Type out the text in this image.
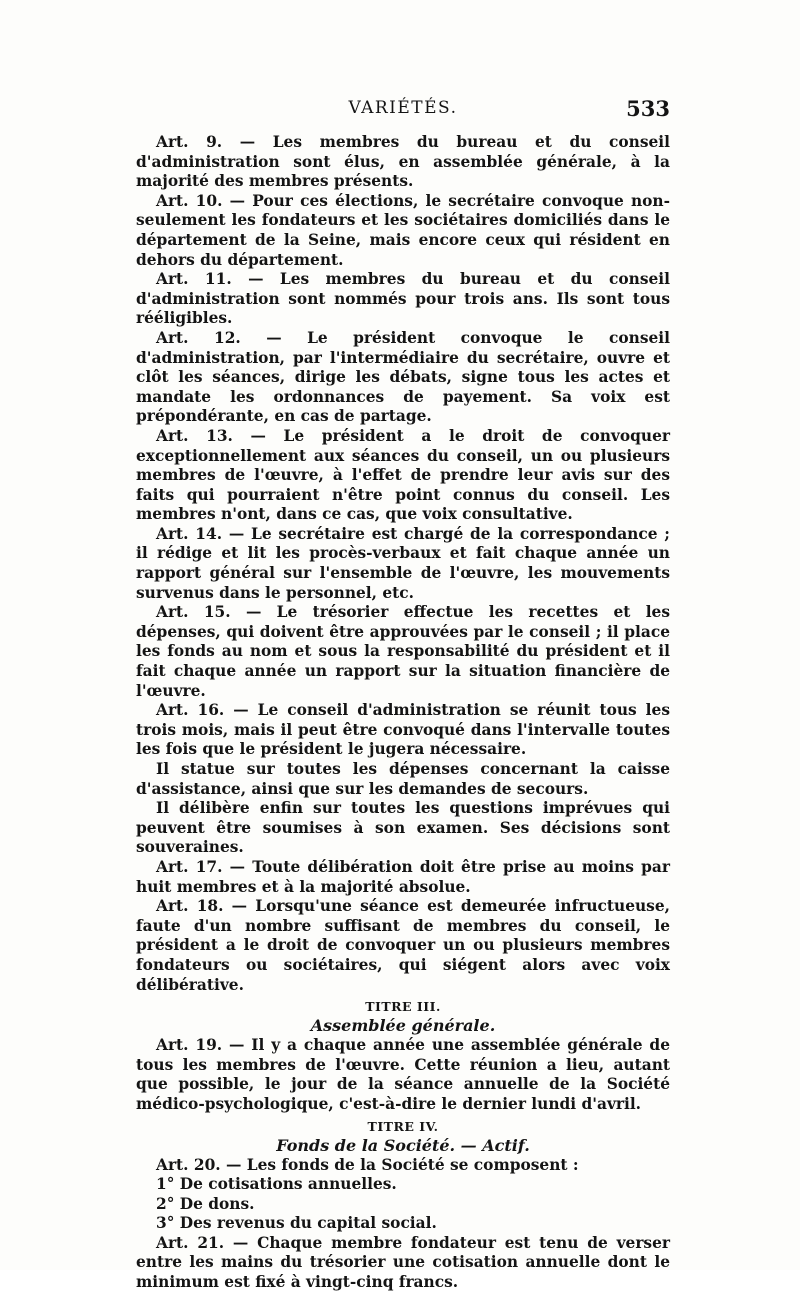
VARIÉTÉS.	533

Art. 9. — Les membres du bureau et du conseil d'administration sont élus, en assemblée générale, à la majorité des membres présents.

Art. 10. — Pour ces élections, le secrétaire convoque non-seulement les fondateurs et les sociétaires domiciliés dans le département de la Seine, mais encore ceux qui résident en dehors du département.

Art. 11. — Les membres du bureau et du conseil d'administration sont nommés pour trois ans. Ils sont tous rééligibles.

Art. 12. — Le président convoque le conseil d'administration, par l'intermédiaire du secrétaire, ouvre et clôt les séances, dirige les débats, signe tous les actes et mandate les ordonnances de payement. Sa voix est prépondérante, en cas de partage.

Art. 13. — Le président a le droit de convoquer exceptionnellement aux séances du conseil, un ou plusieurs membres de l'œuvre, à l'effet de prendre leur avis sur des faits qui pourraient n'être point connus du conseil. Les membres n'ont, dans ce cas, que voix consultative.

Art. 14. — Le secrétaire est chargé de la correspondance ; il rédige et lit les procès-verbaux et fait chaque année un rapport général sur l'ensemble de l'œuvre, les mouvements survenus dans le personnel, etc.

Art. 15. — Le trésorier effectue les recettes et les dépenses, qui doivent être approuvées par le conseil ; il place les fonds au nom et sous la responsabilité du président et il fait chaque année un rapport sur la situation financière de l'œuvre.

Art. 16. — Le conseil d'administration se réunit tous les trois mois, mais il peut être convoqué dans l'intervalle toutes les fois que le président le jugera nécessaire.

Il statue sur toutes les dépenses concernant la caisse d'assistance, ainsi que sur les demandes de secours.

Il délibère enfin sur toutes les questions imprévues qui peuvent être soumises à son examen. Ses décisions sont souveraines.

Art. 17. — Toute délibération doit être prise au moins par huit membres et à la majorité absolue.

Art. 18. — Lorsqu'une séance est demeurée infructueuse, faute d'un nombre suffisant de membres du conseil, le président a le droit de convoquer un ou plusieurs membres fondateurs ou sociétaires, qui siégent alors avec voix délibérative.

TITRE III.
Assemblée générale.

Art. 19. — Il y a chaque année une assemblée générale de tous les membres de l'œuvre. Cette réunion a lieu, autant que possible, le jour de la séance annuelle de la Société médico-psychologique, c'est-à-dire le dernier lundi d'avril.

TITRE IV.
Fonds de la Société. — Actif.

Art. 20. — Les fonds de la Société se composent :

1° De cotisations annuelles.

2° De dons.

3° Des revenus du capital social.

Art. 21. — Chaque membre fondateur est tenu de verser entre les mains du trésorier une cotisation annuelle dont le minimum est fixé à vingt-cinq francs.
